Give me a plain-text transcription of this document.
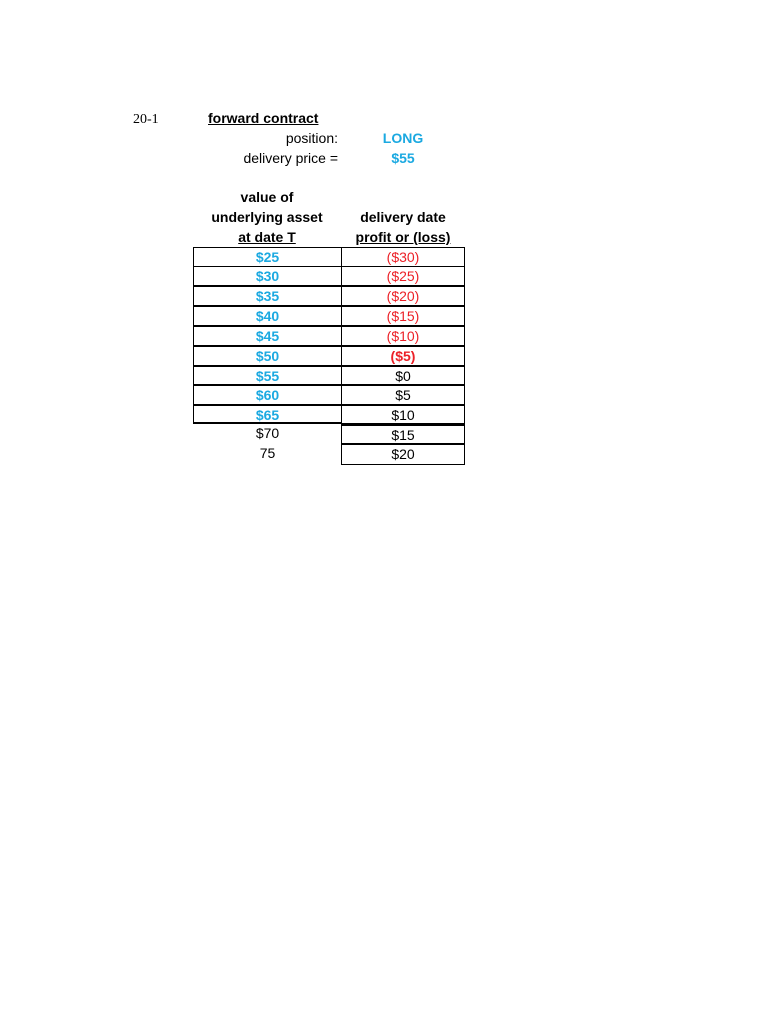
20-1	forward contract
position:	LONG
delivery price =	$55
value of
underlying asset
at date T
delivery date
profit or (loss)
$25	($30)
$30	($25)
$35	($20)
$40	($15)
$45	($10)
$50	($5)
$55	$0
$60	$5
$65	$10
$70	$15
75	$20
